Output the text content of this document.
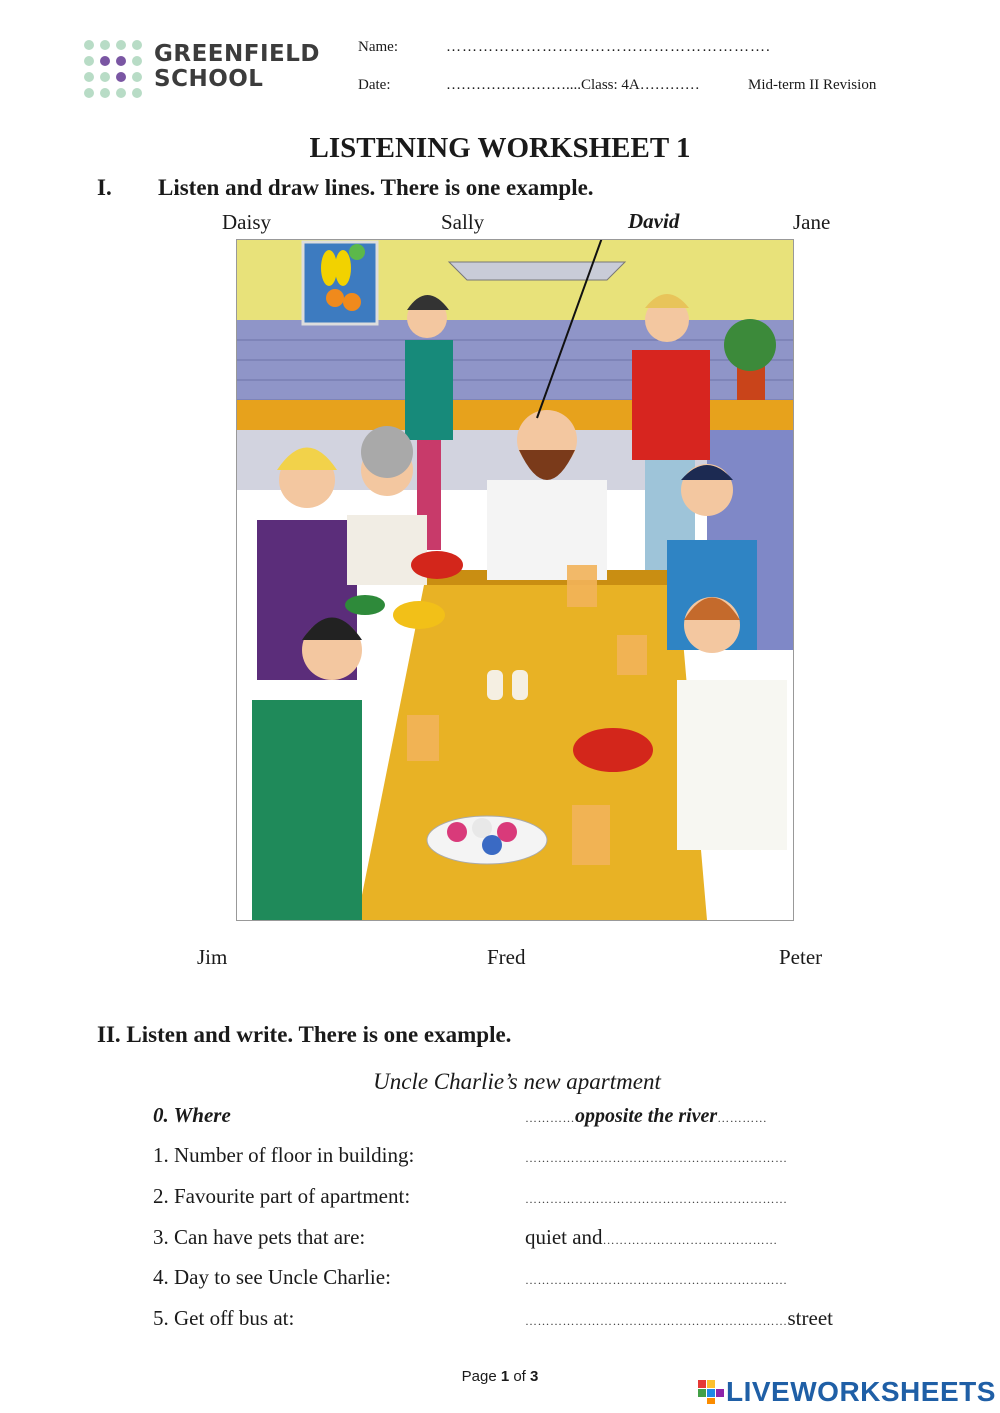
GREENFIELD
SCHOOL
Name:	…………………………………………………….
Date:	……………………....Class: 4A…………	Mid-term II Revision
LISTENING WORKSHEET 1
I. Listen and draw lines. There is one example.
Daisy	Sally	David	Jane
Jim	Fred	Peter
II. Listen and write. There is one example.
Uncle Charlie’s new apartment
0. Where	…………opposite the river…………
1. Number of floor in building:	………………………………………………………
2. Favourite part of apartment:	………………………………………………………
3. Can have pets that are:	quiet and……………………………………
4. Day to see Uncle Charlie:	………………………………………………………
5. Get off bus at:	………………………………………………………street
Page 1 of 3	LIVEWORKSHEETS
